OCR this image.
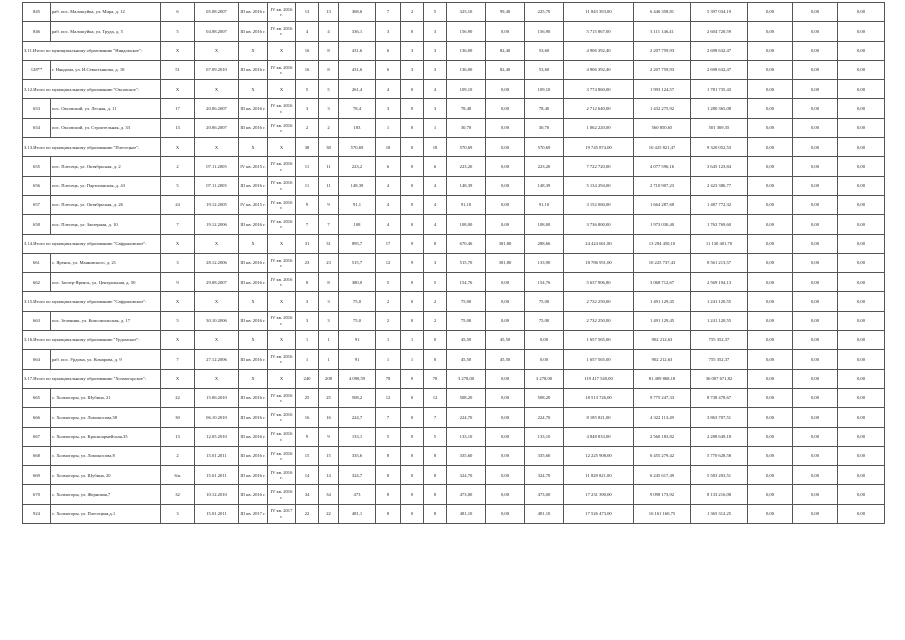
845	раб. пос. Малошуйка, ул. Мира, д. 12	6	05.08.2007	III кв. 2016 г.	IV кв. 2016 г.	13	13	368,6	7	2	5	325,10	99,40	225,70	11 843 393,00	6 446 358,81	5 397 034,19	0,00	0,00	0,00
846	раб. пос. Малошуйка, ул. Труда, д. 5	5	04.08.2007	III кв. 2016 г.	IV кв. 2016 г.	4	4	336,1	3	0	3	156,90	0,00	156,90	5 715 867,00	3 111 146,41	2 604 720,59	0,00	0,00	0,00
3.11.Итого по муниципальному образованию "Няндомское":		X	X	X	X	16	8	431,6	6	3	3	136,00	82,40	53,60	4 906 392,40	2 207 759,93	2 698 632,47	0,00	0,00	0,00
128**	г. Няндома, ул. И.Севастьянова, д. 18	51	07.09.2010	III кв. 2016 г.	IV кв. 2016 г.	16	8	431,6	6	3	3	136,00	82,40	53,60	4 906 392,40	2 207 759,93	2 698 632,47	0,00	0,00	0,00
3.12.Итого по муниципальному образованию "Оксовское":		X	X	X	X	5	5	261,4	4	0	4	109,10	0,00	109,10	3 774 860,00	1 993 124,57	1 781 735,43	0,00	0,00	0,00
653	пос. Оксовский, ул. Лесная, д. 11	17	20.06.2007	III кв. 2016 г.	IV кв. 2016 г.	3	3	78,4	3	0	3	78,40	0,00	78,40	2 712 640,00	1 432 275,92	1 280 365,08	0,00	0,00	0,00
654	пос. Оксовский, ул. Строительная, д. 33	13	20.06.2007	III кв. 2016 г.	IV кв. 2016 г.	2	2	183	1	0	1	30,70	0,00	30,70	1 062 220,00	560 850,65	501 369,35	0,00	0,00	0,00
3.13.Итого по муниципальному образованию "Плесецкое":		X	X	X	X	38	38	570,69	18	0	18	570,69	0,00	570,69	19 745 874,00	10 425 821,47	9 320 052,53	0,00	0,00	0,00
655	пос. Плесецк, ул. Октябрьская, д. 2	2	07.11.2005	IV кв. 2015 г.	IV кв. 2016 г.	11	11	223,2	6	0	6	223,20	0,00	223,20	7 722 720,00	4 077 596,16	3 645 123,84	0,00	0,00	0,00
656	пос. Плесецк, ул. Партизанская, д. 43	5	07.11.2005	III кв. 2016 г.	IV кв. 2016 г.	11	11	148,39	4	0	4	148,39	0,00	148,39	5 134 294,00	2 710 907,23	2 423 386,77	0,00	0,00	0,00
657	пос. Плесецк, ул. Октябрьская, д. 26	24	19.12.2005	IV кв. 2015 г.	IV кв. 2016 г.	9	9	91,1	4	0	4	91,10	0,00	91,10	3 152 060,00	1 664 287,68	1 487 772,32	0,00	0,00	0,00
658	пос. Плесецк, ул. Заозерная, д. 10	7	19.12.2006	III кв. 2016 г.	IV кв. 2016 г.	7	7	108	4	0	4	108,00	0,00	108,00	3 736 800,00	1 973 030,40	1 763 769,60	0,00	0,00	0,00
3.14.Итого по муниципальному образованию "Сафроновское":		X	X	X	X	31	31	895,7	17	9	8	670,46	381,80	288,66	24 424 661,80	13 294 450,10	11 130 401,70	0,00	0,00	0,00
661	с. Яренск, ул. Маяковского, д. 21	3	28.12.2006	III кв. 2016 г.	IV кв. 2016 г.	23	23	515,7	12	9	3	515,70	381,80	133,90	18 786 951,00	10 225 737,43	8 561 213,57	0,00	0,00	0,00
662	пос. Заозер-Яренск, ул. Центральная, д. 50	9	29.08.2007	III кв. 2016 г.	IV кв. 2016 г.	8	8	380,0	5	0	5	154,76	0,00	154,76	5 637 906,80	3 068 712,67	2 569 194,13	0,00	0,00	0,00
3.15.Итого по муниципальному образованию "Сафроновское":		X	X	X	X	3	3	75,0	2	0	2	75,00	0,00	75,00	2 732 250,00	1 491 129,45	1 241 120,55	0,00	0,00	0,00
663	пос. Зеленник, ул. Комсомольская, д. 17	5	30.10.2006	III кв. 2016 г.	IV кв. 2016 г.	3	3	75,0	2	0	2	75,00	0,00	75,00	2 732 250,00	1 491 129,45	1 241 120,55	0,00	0,00	0,00
3.16.Итого по муниципальному образованию "Урдомское":		X	X	X	X	1	1	91	1	1	0	45,50	45,50	0,00	1 657 565,00	902 212,63	755 352,37	0,00	0,00	0,00
664	раб. пос. Урдома, ул. Комарова, д. 9	7	27.12.2006	III кв. 2016 г.	IV кв. 2016 г.	1	1	91	1	1	0	45,50	45,50	0,00	1 657 565,00	902 212,63	755 352,37	0,00	0,00	0,00
3.17.Итого по муниципальному образованию "Холмогорское":		X	X	X	X	240	208	4 090,59	78	0	78	3 278,00	0,00	3 278,00	119 417 540,00	81 409 868,18	36 007 671,82	0,00	0,00	0,00
665	с. Холмогоры, ул. Шубина, 21	22	15.06.2010	III кв. 2016 г.	IV кв. 2016 г.	25	25	508,2	12	0	12	508,20	0,00	508,20	18 513 726,00	9 775 247,33	8 738 478,67	0,00	0,00	0,00
666	с. Холмогоры, ул. Ломоносова,58	30	06.10.2010	III кв. 2016 г.	IV кв. 2016 г.	16	16	224,7	7	0	7	224,70	0,00	224,70	8 185 821,00	4 322 113,49	3 863 707,51	0,00	0,00	0,00
667	с. Холмогоры, ул. Красноармейская,35	13	12.05.2010	III кв. 2016 г.	IV кв. 2016 г.	9	9	133,1	5	0	5	133,10	0,00	133,10	4 848 833,00	2 560 183,82	2 288 649,18	0,00	0,00	0,00
668	с. Холмогоры, ул. Ломоносова,8	2	15.01.2011	III кв. 2016 г.	IV кв. 2016 г.	15	15	335,6	8	0	8	335,60	0,00	335,60	12 225 908,00	6 455 279,42	5 770 628,58	0,00	0,00	0,00
669	с. Холмогоры, ул. Шубина, 20	6/н	15.01.2011	III кв. 2016 г.	IV кв. 2016 г.	14	14	324,7	8	0	8	324,70	0,00	324,70	11 828 821,00	6 245 617,49	5 583 203,51	0,00	0,00	0,00
670	с. Холмогоры, ул. Жерновая,7	32	10.12.2010	III кв. 2016 г.	IV кв. 2016 г.	34	34	473	8	0	8	473,00	0,00	473,00	17 231 390,00	9 098 173,92	8 133 216,08	0,00	0,00	0,00
924	с. Холмогоры, ул. Плесецкая,д.1	3	15.01.2011	III кв. 2017 г.	IV кв. 2017 г.	22	22	481,1	8	0	8	481,10	0,00	481,10	17 526 473,00	16 161 160,75	1 365 312,25	0,00	0,00	0,00
